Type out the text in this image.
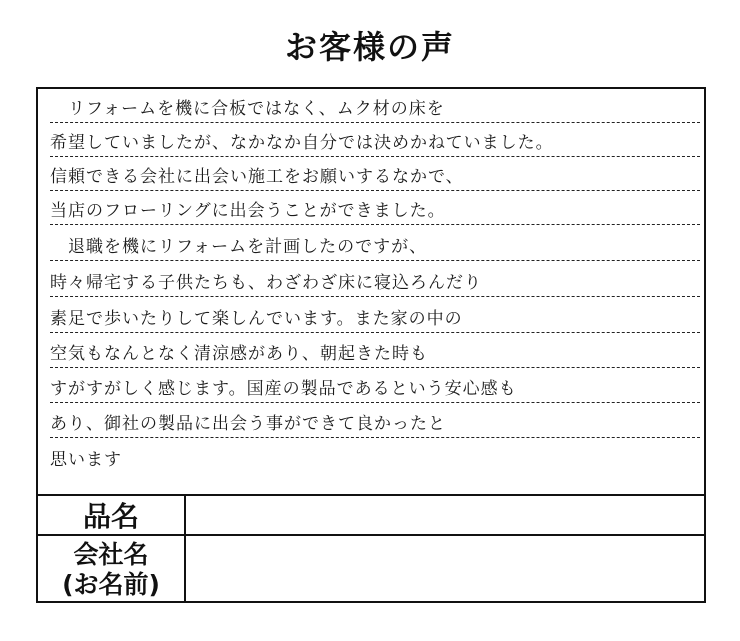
お客様の声
　リフォームを機に合板ではなく、ムク材の床を
希望していましたが、なかなか自分では決めかねていました。
信頼できる会社に出会い施工をお願いするなかで、
当店のフローリングに出会うことができました。
　退職を機にリフォームを計画したのですが、
時々帰宅する子供たちも、わざわざ床に寝込ろんだり
素足で歩いたりして楽しんでいます。また家の中の
空気もなんとなく清涼感があり、朝起きた時も
すがすがしく感じます。国産の製品であるという安心感も
あり、御社の製品に出会う事ができて良かったと
思います
品名
会社名
(お名前)
